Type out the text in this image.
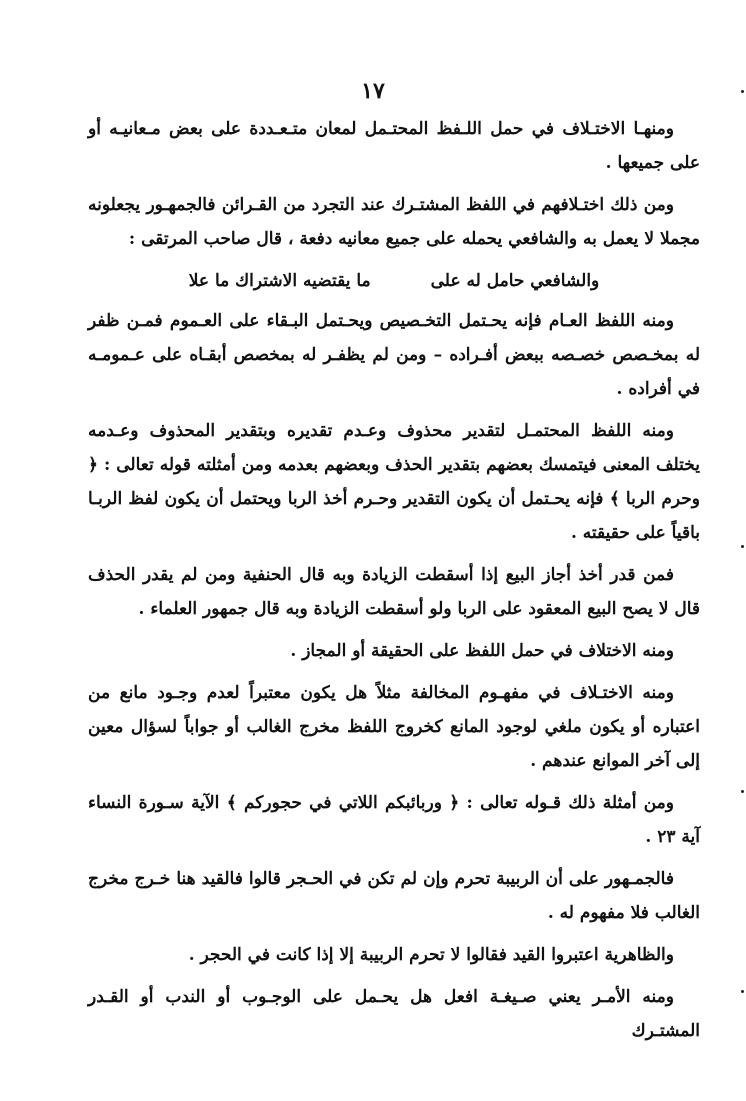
١٧

ومنهـا الاختـلاف في حمل اللـفظ المحتـمل لمعان متـعـددة على بعض مـعانيـه أو على جميعها .

ومن ذلك اختـلافهم في اللفظ المشتـرك عند التجرد من القـرائن فالجمهـور يجعلونه مجملا لا يعمل به والشافعي يحمله على جميع معانيه دفعة ، قال صاحب المرتقى :

والشافعي حامل له على
ما يقتضيه الاشتراك ما علا

ومنه اللفظ العـام فإنه يحـتمل التخـصيص ويحـتمل البـقاء على العـموم فمـن ظفر له بمخـصص خصـصه ببعض أفـراده – ومن لم يظفـر له بمخصص أبقـاه على عـمومـه في أفراده .

ومنه اللفظ المحتمـل لتقدير محذوف وعـدم تقديره وبتقدير المحذوف وعـدمه يختلف المعنى فيتمسك بعضهم بتقدير الحذف وبعضهم بعدمه ومن أمثلته قوله تعالى : ﴿ وحرم الربا ﴾ فإنه يحـتمل أن يكون التقدير وحـرم أخذ الربا ويحتمل أن يكون لفظ الربـا باقياً على حقيقته .

فمن قدر أخذ أجاز البيع إذا أسقطت الزيادة وبه قال الحنفية ومن لم يقدر الحذف قال لا يصح البيع المعقود على الربا ولو أسقطت الزيادة وبه قال جمهور العلماء .

ومنه الاختلاف في حمل اللفظ على الحقيقة أو المجاز .

ومنه الاختـلاف في مفهـوم المخالفة مثلاً هل يكون معتبراً لعدم وجـود مانع من اعتباره أو يكون ملغي لوجود المانع كخروج اللفظ مخرج الغالب أو جواباً لسؤال معين إلى آخر الموانع عندهم .

ومن أمثلة ذلك قـوله تعالى : ﴿ وربائبكم اللاتي في حجوركم ﴾ الآية سـورة النساء آية ٢٣ .

فالجمـهور على أن الربيبة تحرم وإن لم تكن في الحـجر قالوا فالقيد هنا خـرج مخرج الغالب فلا مفهوم له .

والظاهرية اعتبروا القيد فقالوا لا تحرم الربيبة إلا إذا كانت في الحجر .

ومنه الأمـر يعني صـيغـة افعل هل يحـمل على الوجـوب أو الندب أو القـدر المشتـرك
